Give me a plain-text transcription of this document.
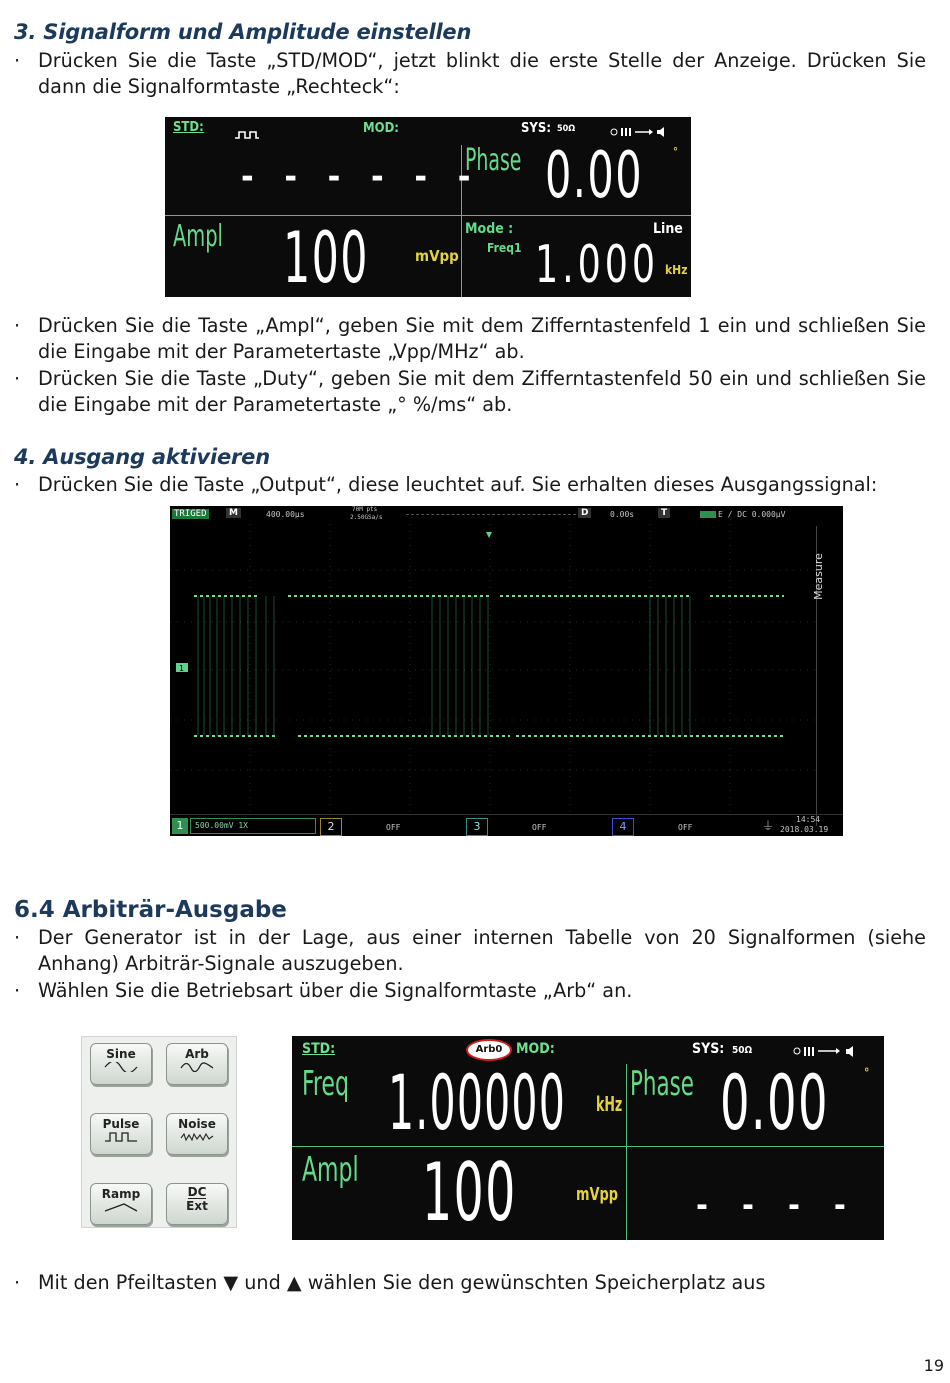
3. Signalform und Amplitude einstellen
· Drücken Sie die Taste „STD/MOD“, jetzt blinkt die erste Stelle der Anzeige. Drücken Sie dann die Signalformtaste „Rechteck“:
STD:	MOD:	SYS: 50Ω
- - - - - -
Phase 0.00	°
Ampl 100	mVpp
Mode :
Freq1
Line
1.000 kHz
· Drücken Sie die Taste „Ampl“, geben Sie mit dem Zifferntastenfeld 1 ein und schließen Sie die Eingabe mit der Parametertaste „Vpp/MHz“ ab.
· Drücken Sie die Taste „Duty“, geben Sie mit dem Zifferntastenfeld 50 ein und schließen Sie die Eingabe mit der Parametertaste „° %/ms“ ab.
4. Ausgang aktivieren
· Drücken Sie die Taste „Output“, diese leuchtet auf. Sie erhalten dieses Ausgangssignal:
TRIGED	M	400.00μs
70M pts
2.50GSa/s	D	0.00s	T	E / DC 0.000μV
Measure
1
1	500.00mV 1X	2	OFF	3	OFF	4	OFF	⏚	14:54
2018.03.19
6.4 Arbiträr-Ausgabe
· Der Generator ist in der Lage, aus einer internen Tabelle von 20 Signalformen (siehe Anhang) Arbiträr-Signale auszugeben.
· Wählen Sie die Betriebsart über die Signalformtaste „Arb“ an.
Sine	Arb
Pulse	Noise
Ramp	DC
Ext
STD:	Arb0 MOD:	SYS: 50Ω
Freq 1.00000 kHz Phase 0.00	°
Ampl 100	mVpp - - - -
· Mit den Pfeiltasten ▼ und ▲ wählen Sie den gewünschten Speicherplatz aus
19
